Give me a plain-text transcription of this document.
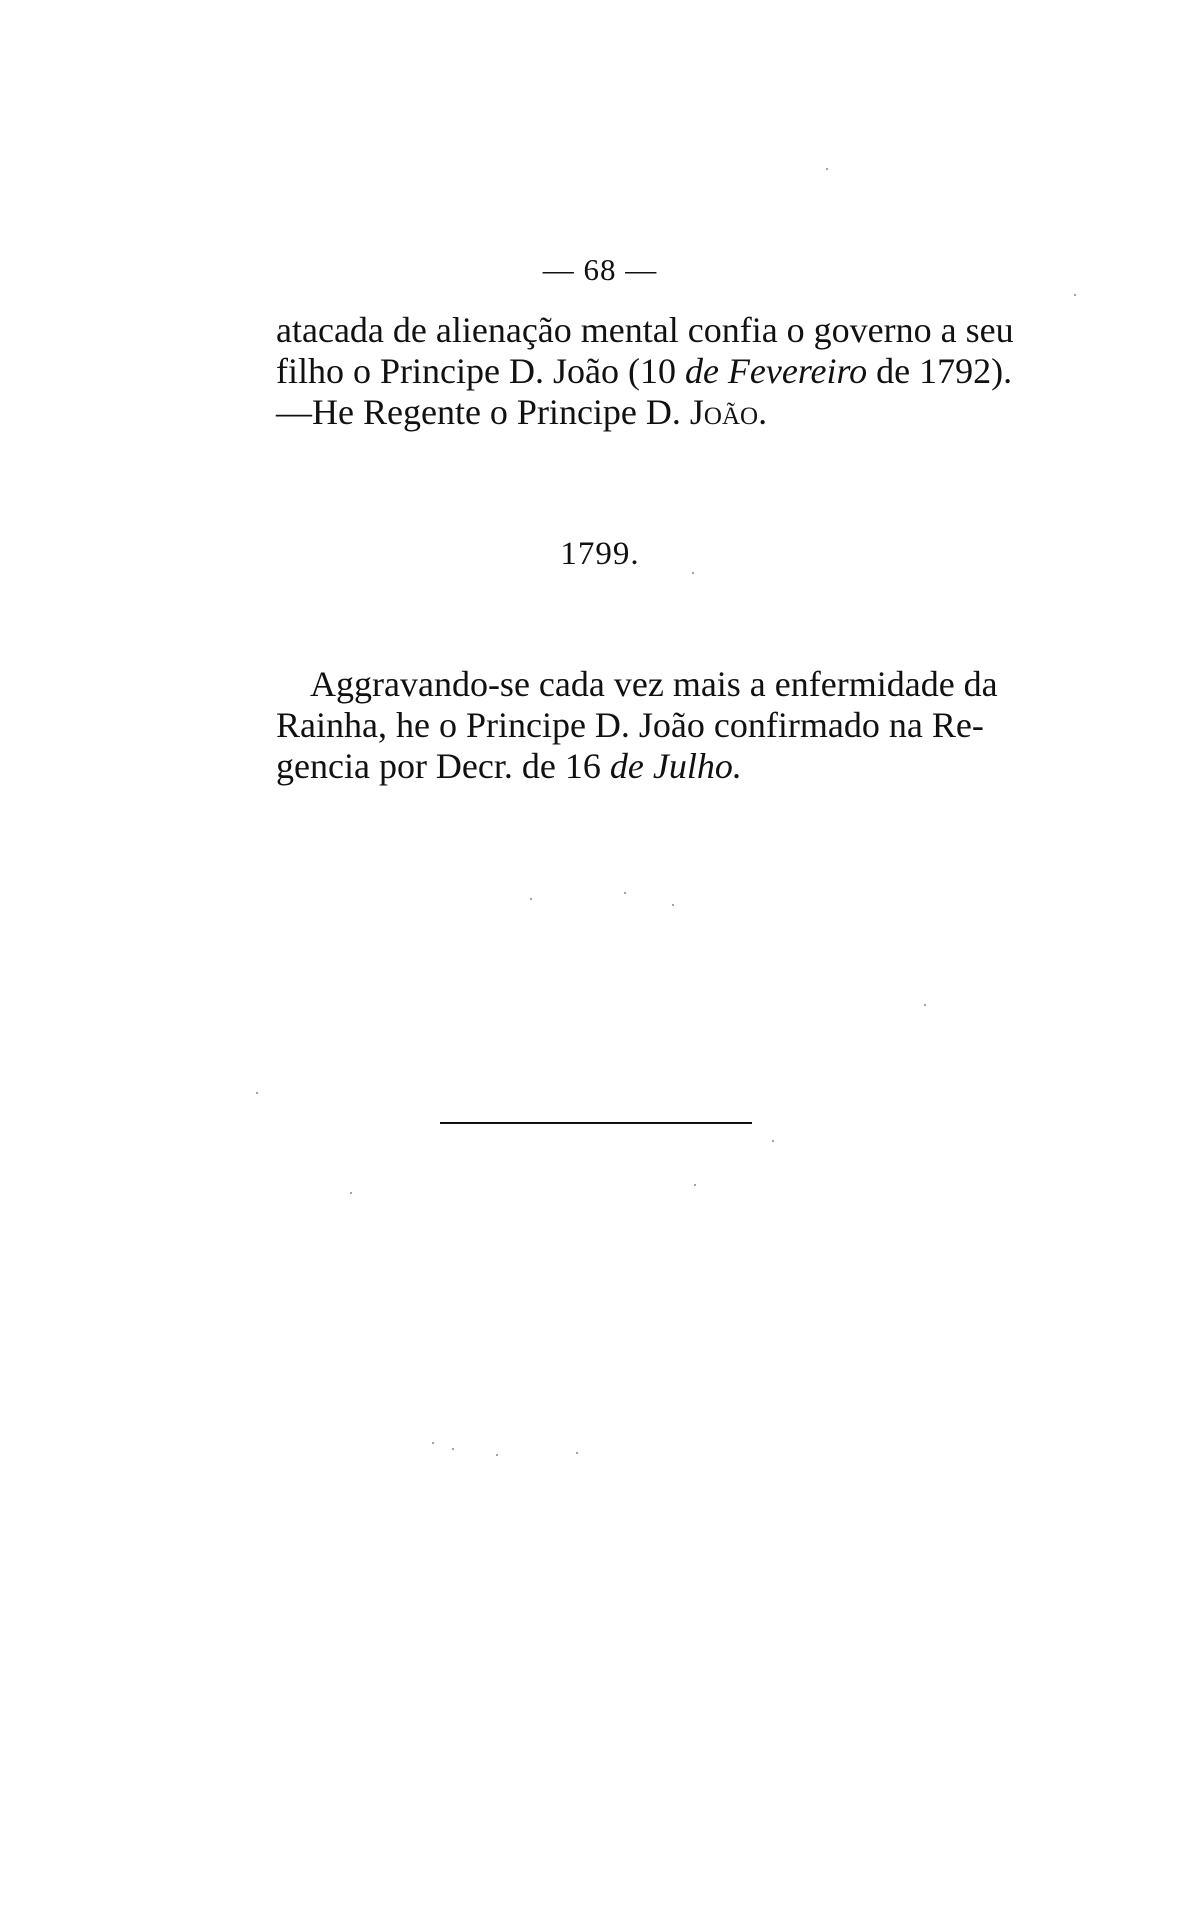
— 68 —
atacada de alienação mental confia o governo a seu
filho o Principe D. João (10 de Fevereiro de 1792).
—He Regente o Principe D. João.
1799.
Aggravando-se cada vez mais a enfermidade da
Rainha, he o Principe D. João confirmado na Re-
gencia por Decr. de 16 de Julho.
